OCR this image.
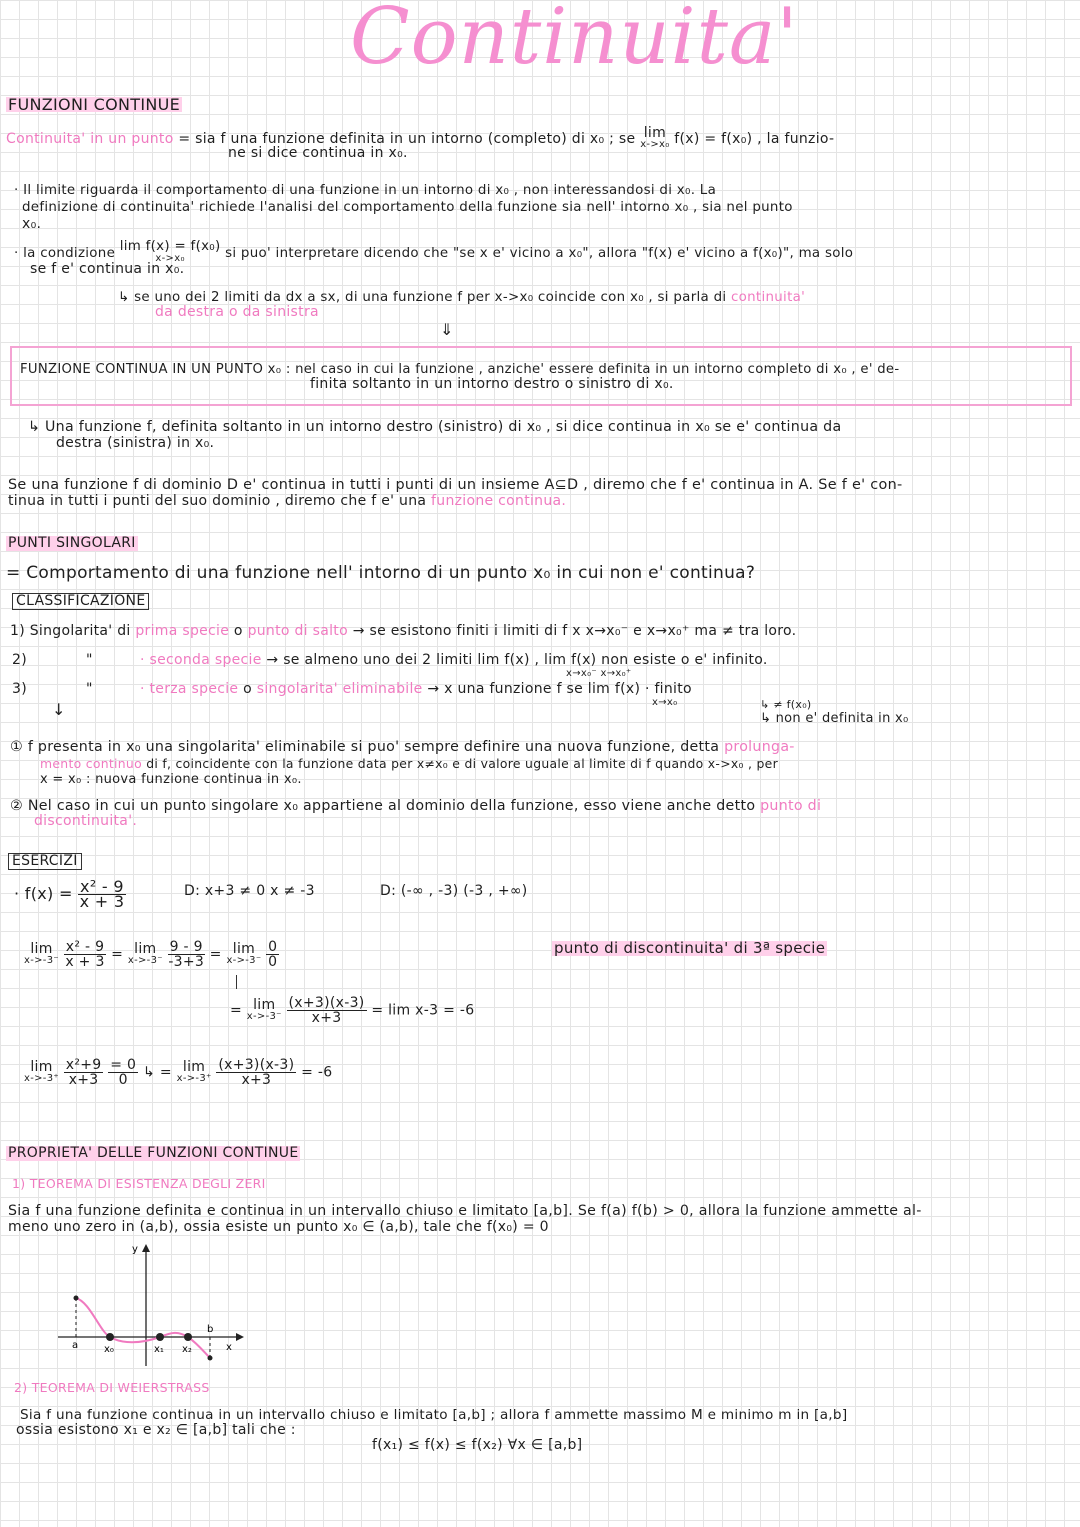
Continuita'
FUNZIONI CONTINUE
Continuita' in un punto = sia f una funzione definita in un intorno (completo) di x₀ ; se lim
x->x₀ f(x) = f(x₀) , la funzio-
ne si dice continua in x₀.
· Il limite riguarda il comportamento di una funzione in un intorno di x₀ , non interessandosi di x₀. La
definizione di continuita' richiede l'analisi del comportamento della funzione sia nell' intorno x₀ , sia nel punto
x₀.
· la condizione lim f(x) = f(x₀)
x->x₀	si puo' interpretare dicendo che "se x e' vicino a x₀", allora "f(x) e' vicino a f(x₀)", ma solo
se f e' continua in x₀.
↳ se uno dei 2 limiti da dx a sx, di una funzione f per x->x₀ coincide con x₀ , si parla di continuita'
da destra o da sinistra
⇓
FUNZIONE CONTINUA IN UN PUNTO x₀ : nel caso in cui la funzione , anziche' essere definita in un intorno completo di x₀ , e' de-
finita soltanto in un intorno destro o sinistro di x₀.
↳ Una funzione f, definita soltanto in un intorno destro (sinistro) di x₀ , si dice continua in x₀ se e' continua da
destra (sinistra) in x₀.
Se una funzione f di dominio D e' continua in tutti i punti di un insieme A⊆D , diremo che f e' continua in A. Se f e' con-
tinua in tutti i punti del suo dominio , diremo che f e' una funzione continua.
PUNTI SINGOLARI
= Comportamento di una funzione nell' intorno di un punto x₀ in cui non e' continua?
CLASSIFICAZIONE
1) Singolarita' di prima specie o punto di salto → se esistono finiti i limiti di f x x→x₀⁻ e x→x₀⁺ ma ≠ tra loro.
2)	"	· seconda specie → se almeno uno dei 2 limiti lim f(x) , lim f(x) non esiste o e' infinito.
x→x₀⁻ x→x₀⁺
3)	"	· terza specie o singolarita' eliminabile → x una funzione f se lim f(x) · finito
x→x₀	↳ ≠ f(x₀)
↳ non e' definita in x₀
↓
① f presenta in x₀ una singolarita' eliminabile si puo' sempre definire una nuova funzione, detta prolunga-
mento continuo di f, coincidente con la funzione data per x≠x₀ e di valore uguale al limite di f quando x->x₀ , per
x = x₀ : nuova funzione continua in x₀.
② Nel caso in cui un punto singolare x₀ appartiene al dominio della funzione, esso viene anche detto punto di
discontinuita'.
ESERCIZI
· $f(x) = \frac{\text{x² - 9}}{x + 3}$	D: x+3 ≠ 0 x ≠ -3	D: (-∞ , -3) (-3 , +∞)
lim
x->-3⁻
$\frac{\text{x² - 9}}{x + 3} = \lim$
x->-3⁻
$\frac{9 - 9}{-3+3} = \lim$
x->-3⁻
$\frac{0}{0}$
= lim
x->-3⁻
$\frac{(x+3)(x-3)}{x+3} = \lim x-3 = -6$
punto di discontinuita' di 3ª specie
lim
x->-3⁺
$\frac{\text{x²+9}}{x+3}$
$\frac{= 0}{0}$ ↳ = lim
x->-3⁺
$\frac{(x+3)(x-3)}{x+3} = -6$
PROPRIETA' DELLE FUNZIONI CONTINUE
1) TEOREMA DI ESISTENZA DEGLI ZERI
Sia f una funzione definita e continua in un intervallo chiuso e limitato [a,b]. Se f(a) f(b) > 0, allora la funzione ammette al-
meno uno zero in (a,b), ossia esiste un punto x₀ ∈ (a,b), tale che f(x₀) = 0
y
x
a
b
x₀	x₁ x₂
2) TEOREMA DI WEIERSTRASS
Sia f una funzione continua in un intervallo chiuso e limitato [a,b] ; allora f ammette massimo M e minimo m in [a,b]
ossia esistono x₁ e x₂ ∈ [a,b] tali che :
f(x₁) ≤ f(x) ≤ f(x₂) ∀x ∈ [a,b]
